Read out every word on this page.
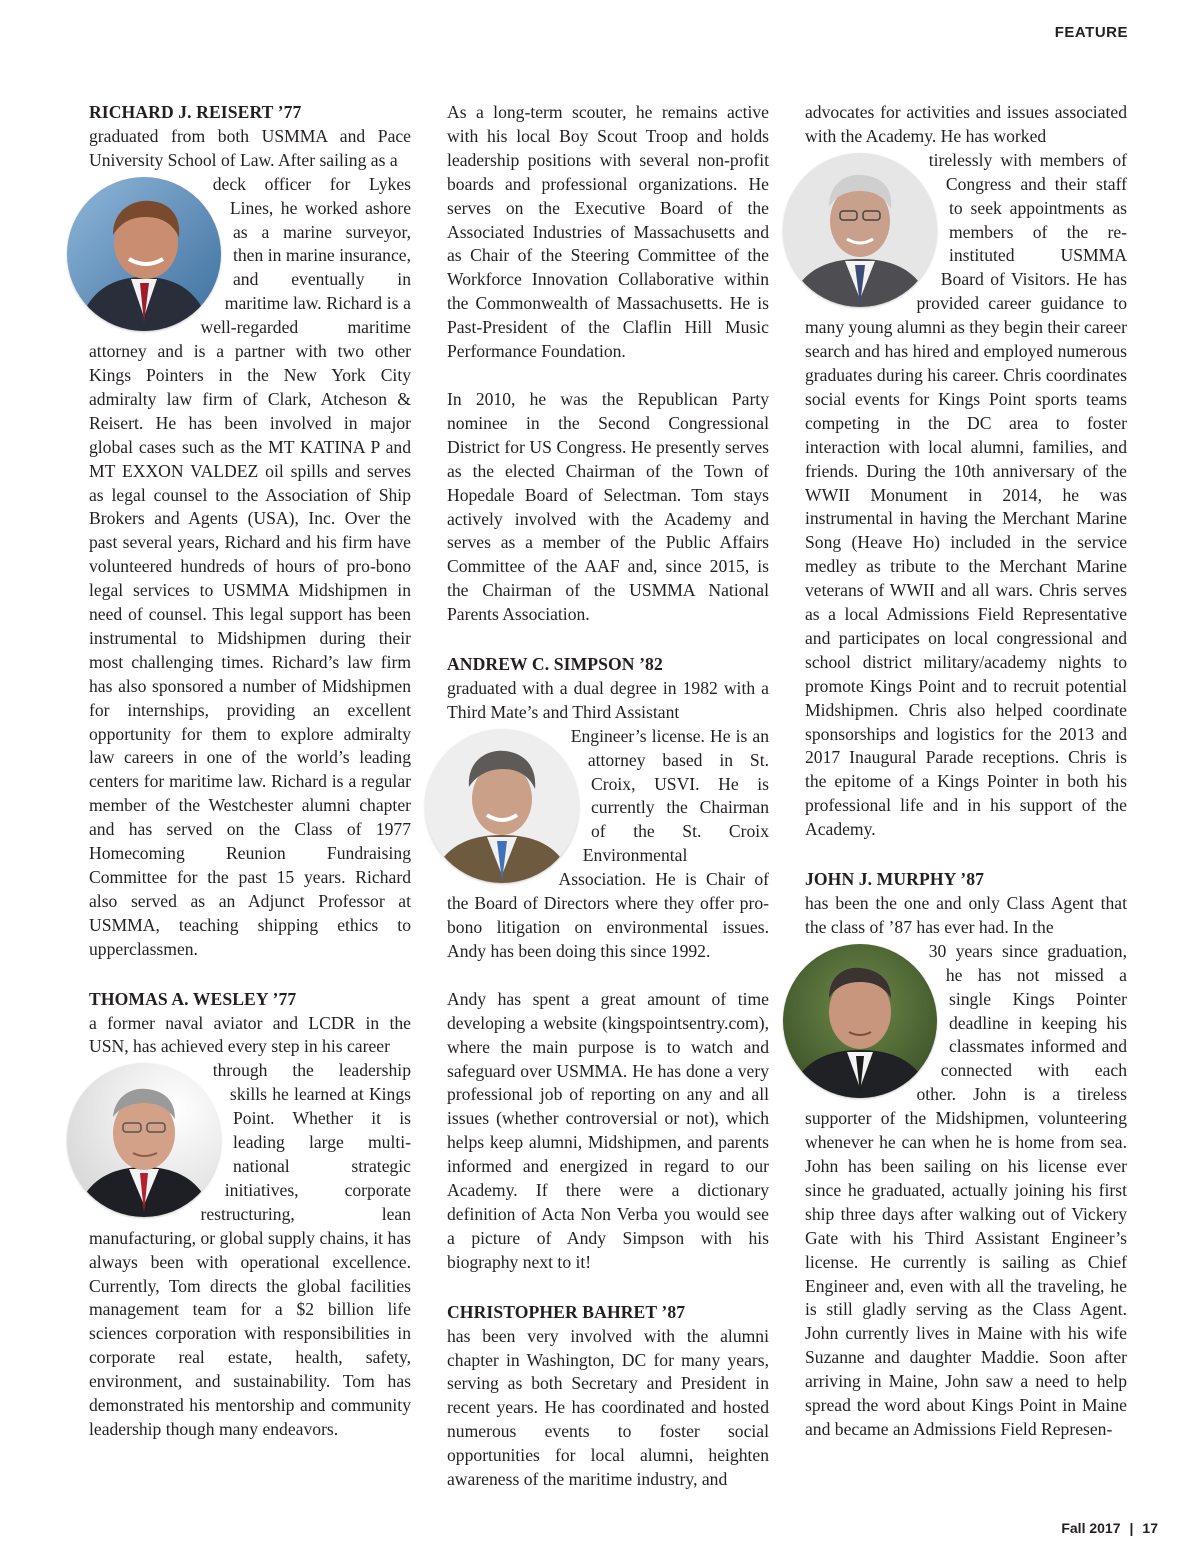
FEATURE
RICHARD J. REISERT ’77

graduated from both USMMA and Pace University School of Law. After sailing as a

deck officer for Lykes Lines, he worked ashore as a marine surveyor, then in marine insurance, and eventually in maritime law. Richard is a well-regarded maritime attorney and is a partner with two other Kings Pointers in the New York City admiralty law firm of Clark, Atcheson & Reisert. He has been involved in major global cases such as the MT KATINA P and MT EXXON VALDEZ oil spills and serves as legal counsel to the Association of Ship Brokers and Agents (USA), Inc. Over the past several years, Richard and his firm have volunteered hundreds of hours of pro-bono legal services to USMMA Midshipmen in need of counsel. This legal support has been instrumental to Midshipmen during their most challenging times. Richard’s law firm has also sponsored a number of Midshipmen for internships, providing an excellent opportunity for them to explore admiralty law careers in one of the world’s leading centers for maritime law. Richard is a regular member of the Westchester alumni chapter and has served on the Class of 1977 Homecoming Reunion Fundraising Committee for the past 15 years. Richard also served as an Adjunct Professor at USMMA, teaching shipping ethics to upperclassmen.

THOMAS A. WESLEY ’77

a former naval aviator and LCDR in the USN, has achieved every step in his career

through the leadership skills he learned at Kings Point. Whether it is leading large multi-national strategic initiatives, corporate restructuring, lean manufacturing, or global supply chains, it has always been with operational excellence. Currently, Tom directs the global facilities management team for a $2 billion life sciences corporation with responsibilities in corporate real estate, health, safety, environment, and sustainability. Tom has demonstrated his mentorship and community leadership though many endeavors.

As a long-term scouter, he remains active with his local Boy Scout Troop and holds leadership positions with several non-profit boards and professional organizations. He serves on the Executive Board of the Associated Industries of Massachusetts and as Chair of the Steering Committee of the Workforce Innovation Collaborative within the Commonwealth of Massachusetts. He is Past-President of the Claflin Hill Music Performance Foundation.

In 2010, he was the Republican Party nominee in the Second Congressional District for US Congress. He presently serves as the elected Chairman of the Town of Hopedale Board of Selectman. Tom stays actively involved with the Academy and serves as a member of the Public Affairs Committee of the AAF and, since 2015, is the Chairman of the USMMA National Parents Association.

ANDREW C. SIMPSON ’82

graduated with a dual degree in 1982 with a Third Mate’s and Third Assistant

Engineer’s license. He is an attorney based in St. Croix, USVI. He is currently the Chairman of the St. Croix Environmental Association. He is Chair of the Board of Directors where they offer pro-bono litigation on environmental issues. Andy has been doing this since 1992.

Andy has spent a great amount of time developing a website (kingspointsentry.com), where the main purpose is to watch and safeguard over USMMA. He has done a very professional job of reporting on any and all issues (whether controversial or not), which helps keep alumni, Midshipmen, and parents informed and energized in regard to our Academy. If there were a dictionary definition of Acta Non Verba you would see a picture of Andy Simpson with his biography next to it!

CHRISTOPHER BAHRET ’87

has been very involved with the alumni chapter in Washington, DC for many years, serving as both Secretary and President in recent years. He has coordinated and hosted numerous events to foster social opportunities for local alumni, heighten awareness of the maritime industry, and

advocates for activities and issues associated with the Academy. He has worked

tirelessly with members of Congress and their staff to seek appointments as members of the re-instituted USMMA Board of Visitors. He has provided career guidance to many young alumni as they begin their career search and has hired and employed numerous graduates during his career. Chris coordinates social events for Kings Point sports teams competing in the DC area to foster interaction with local alumni, families, and friends. During the 10th anniversary of the WWII Monument in 2014, he was instrumental in having the Merchant Marine Song (Heave Ho) included in the service medley as tribute to the Merchant Marine veterans of WWII and all wars. Chris serves as a local Admissions Field Representative and participates on local congressional and school district military/academy nights to promote Kings Point and to recruit potential Midshipmen. Chris also helped coordinate sponsorships and logistics for the 2013 and 2017 Inaugural Parade receptions. Chris is the epitome of a Kings Pointer in both his professional life and in his support of the Academy.

JOHN J. MURPHY ’87

has been the one and only Class Agent that the class of ’87 has ever had. In the

30 years since graduation, he has not missed a single Kings Pointer deadline in keeping his classmates informed and connected with each other. John is a tireless supporter of the Midshipmen, volunteering whenever he can when he is home from sea. John has been sailing on his license ever since he graduated, actually joining his first ship three days after walking out of Vickery Gate with his Third Assistant Engineer’s license. He currently is sailing as Chief Engineer and, even with all the traveling, he is still gladly serving as the Class Agent. John currently lives in Maine with his wife Suzanne and daughter Maddie. Soon after arriving in Maine, John saw a need to help spread the word about Kings Point in Maine and became an Admissions Field Represen-

Fall 2017 | 17
